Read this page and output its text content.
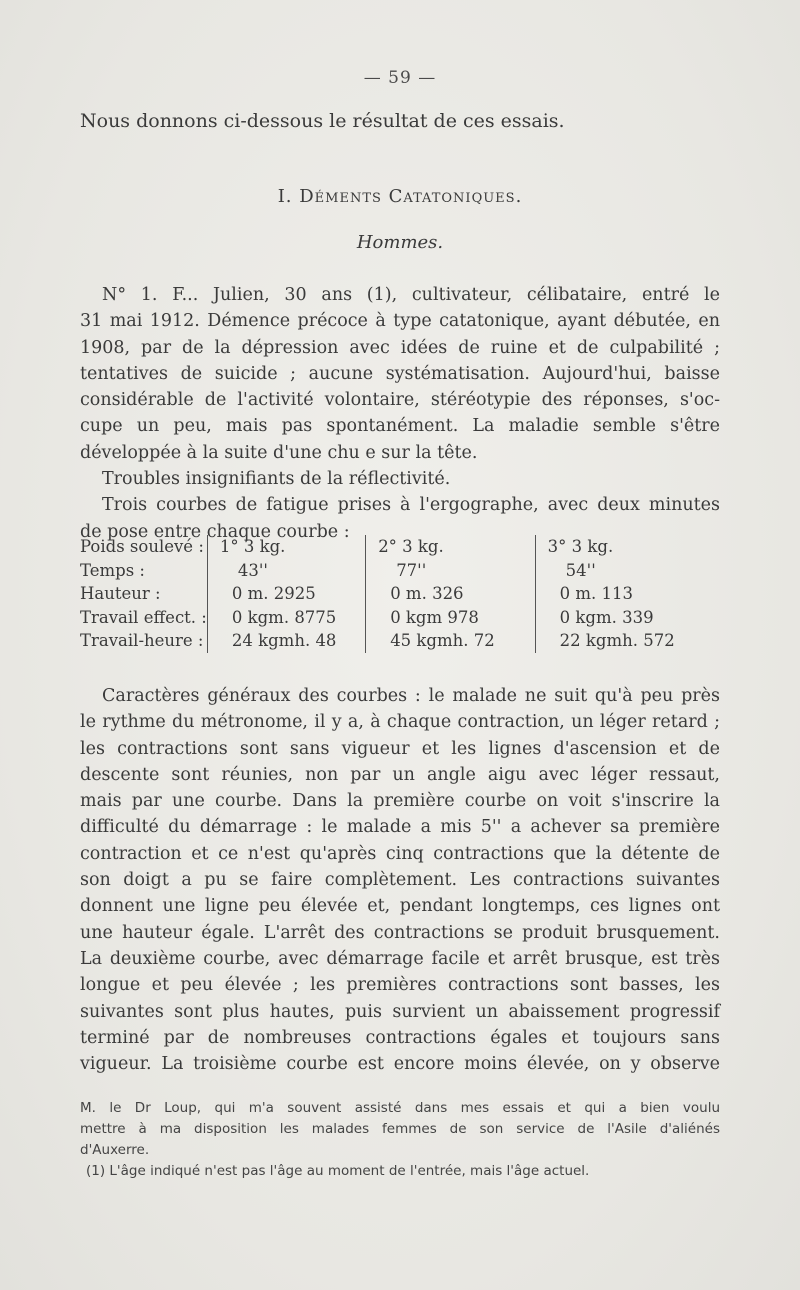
— 59 —
Nous donnons ci-dessous le résultat de ces essais.
I. Déments Catatoniques.
Hommes.

N° 1. F... Julien, 30 ans (1), cultivateur, célibataire, entré le
31 mai 1912. Démence précoce à type catatonique, ayant débutée, en
1908, par de la dépression avec idées de ruine et de culpabilité ;
tentatives de suicide ; aucune systématisation. Aujourd'hui, baisse
considérable de l'activité volontaire, stéréotypie des réponses, s'oc-
cupe un peu, mais pas spontanément. La maladie semble s'être
développée à la suite d'une chu e sur la tête.
Troubles insignifiants de la réflectivité.
Trois courbes de fatigue prises à l'ergographe, avec deux minutes
de pose entre chaque courbe :

Poids soulevé :	1° 3 kg.	2° 3 kg.	3° 3 kg.
Temps :	43''	77''	54''
Hauteur :	0 m. 2925	0 m. 326	0 m. 113
Travail effect. :	0 kgm. 8775	0 kgm 978	0 kgm. 339
Travail-heure :	24 kgmh. 48	45 kgmh. 72	22 kgmh. 572

Caractères généraux des courbes : le malade ne suit qu'à peu près
le rythme du métronome, il y a, à chaque contraction, un léger retard ;
les contractions sont sans vigueur et les lignes d'ascension et de
descente sont réunies, non par un angle aigu avec léger ressaut,
mais par une courbe. Dans la première courbe on voit s'inscrire la
difficulté du démarrage : le malade a mis 5'' a achever sa première
contraction et ce n'est qu'après cinq contractions que la détente de
son doigt a pu se faire complètement. Les contractions suivantes
donnent une ligne peu élevée et, pendant longtemps, ces lignes ont
une hauteur égale. L'arrêt des contractions se produit brusquement.
La deuxième courbe, avec démarrage facile et arrêt brusque, est très
longue et peu élevée ; les premières contractions sont basses, les
suivantes sont plus hautes, puis survient un abaissement progressif
terminé par de nombreuses contractions égales et toujours sans
vigueur. La troisième courbe est encore moins élevée, on y observe

M. le Dr Loup, qui m'a souvent assisté dans mes essais et qui a bien voulu
mettre à ma disposition les malades femmes de son service de l'Asile d'aliénés
d'Auxerre.
(1) L'âge indiqué n'est pas l'âge au moment de l'entrée, mais l'âge actuel.
